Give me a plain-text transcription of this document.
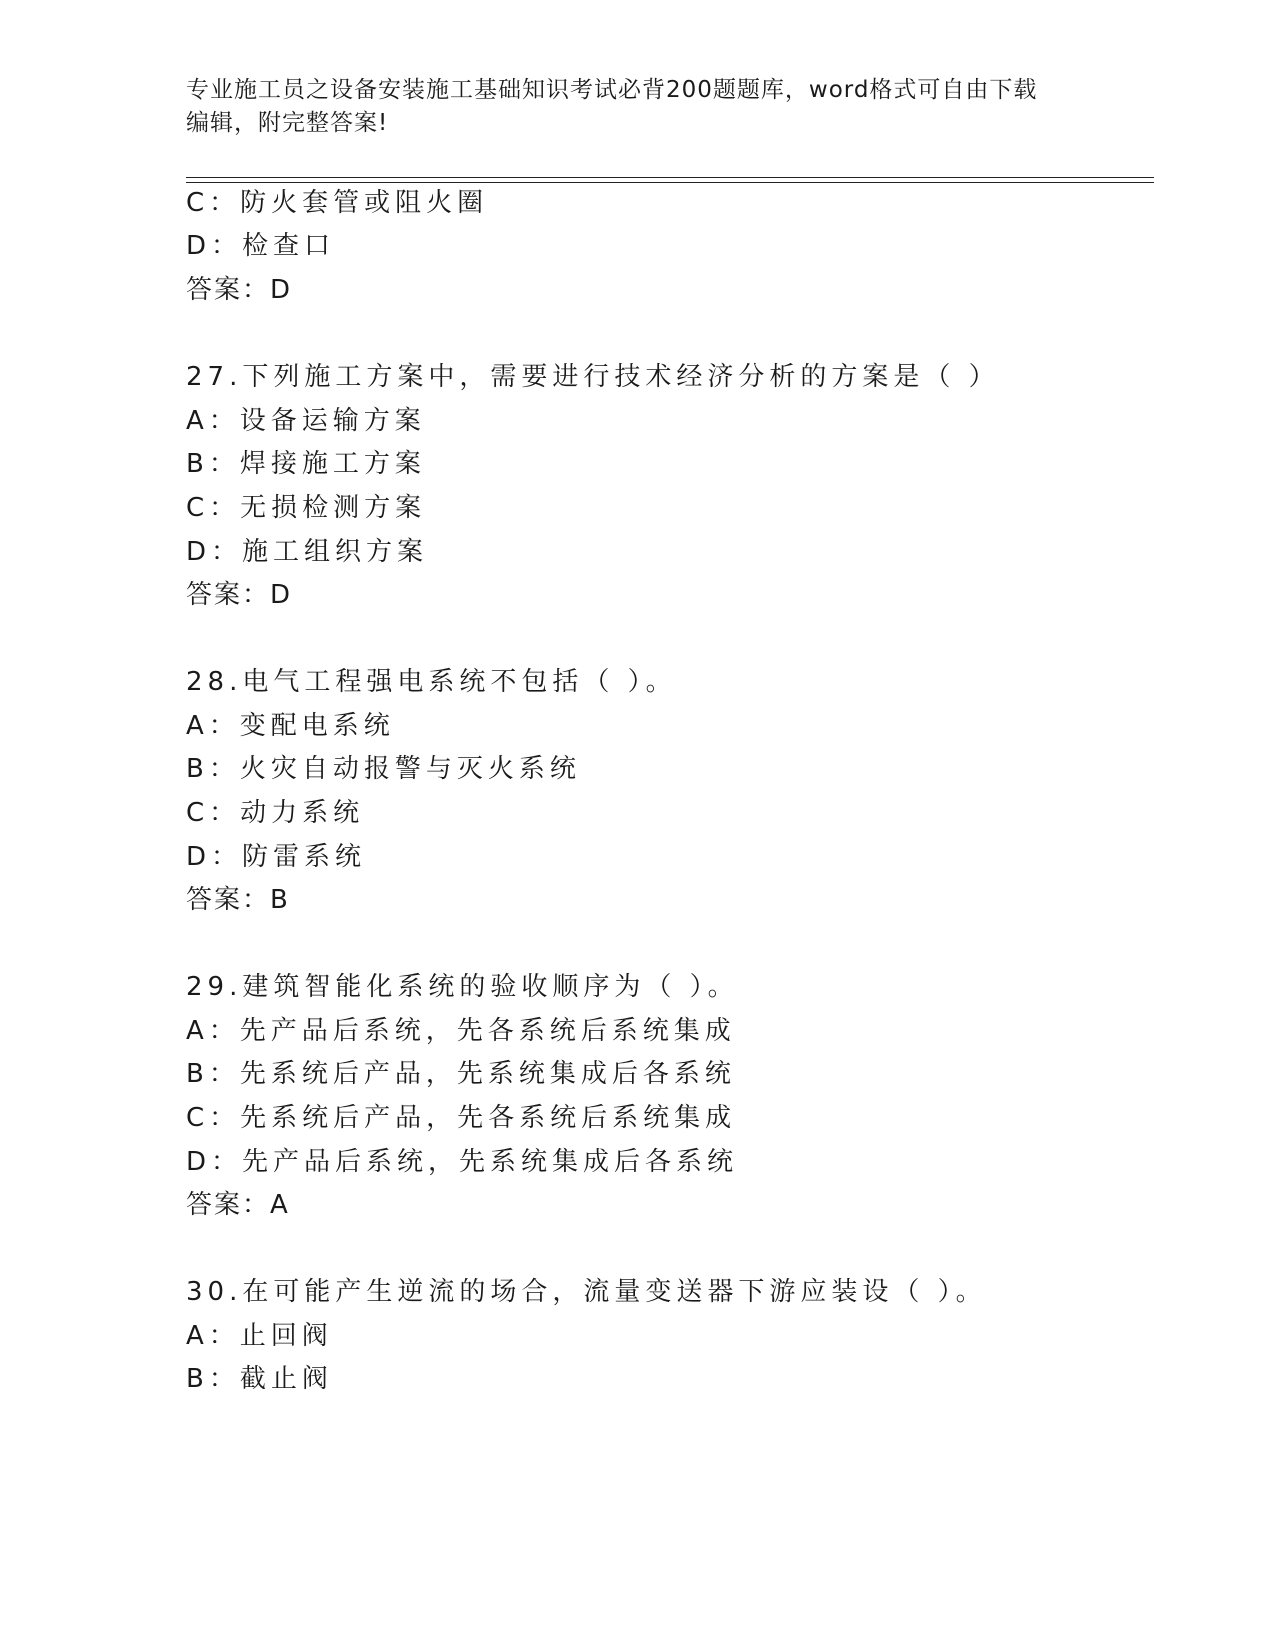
专业施工员之设备安装施工基础知识考试必背200题题库，word格式可自由下载
编辑，附完整答案!
C：防火套管或阻火圈
D：检查口
答案：D
27.下列施工方案中，需要进行技术经济分析的方案是（ ）
A：设备运输方案
B：焊接施工方案
C：无损检测方案
D：施工组织方案
答案：D
28.电气工程强电系统不包括（ ）。
A：变配电系统
B：火灾自动报警与灭火系统
C：动力系统
D：防雷系统
答案：B
29.建筑智能化系统的验收顺序为（ ）。
A：先产品后系统，先各系统后系统集成
B：先系统后产品，先系统集成后各系统
C：先系统后产品，先各系统后系统集成
D：先产品后系统，先系统集成后各系统
答案：A
30.在可能产生逆流的场合，流量变送器下游应装设（ ）。
A：止回阀
B：截止阀
